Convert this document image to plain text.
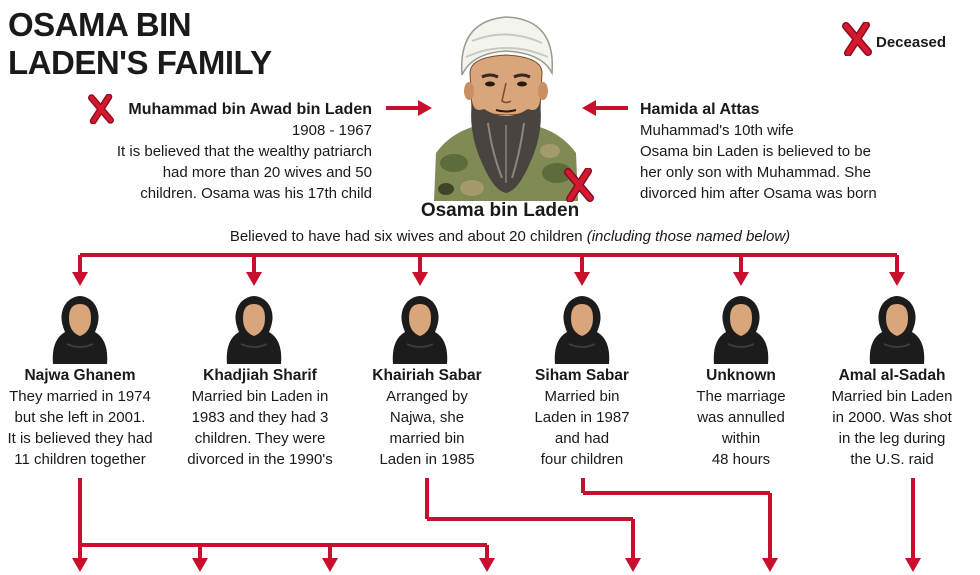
OSAMA BIN
LADEN'S FAMILY
Deceased
Muhammad bin Awad bin Laden
1908 - 1967
It is believed that the wealthy patriarch
had more than 20 wives and 50
children. Osama was his 17th child
Hamida al Attas
Muhammad's 10th wife
Osama bin Laden is believed to be
her only son with Muhammad. She
divorced him after Osama was born
Osama bin Laden
Believed to have had six wives and about 20 children (including those named below)
Najwa Ghanem
They married in 1974
but she left in 2001.
It is believed they had
11 children together
Khadjiah Sharif
Married bin Laden in
1983 and they had 3
children. They were
divorced in the 1990's
Khairiah Sabar
Arranged by
Najwa, she
married bin
Laden in 1985
Siham Sabar
Married bin
Laden in 1987
and had
four children
Unknown
The marriage
was annulled
within
48 hours
Amal al-Sadah
Married bin Laden
in 2000. Was shot
in the leg during
the U.S. raid
